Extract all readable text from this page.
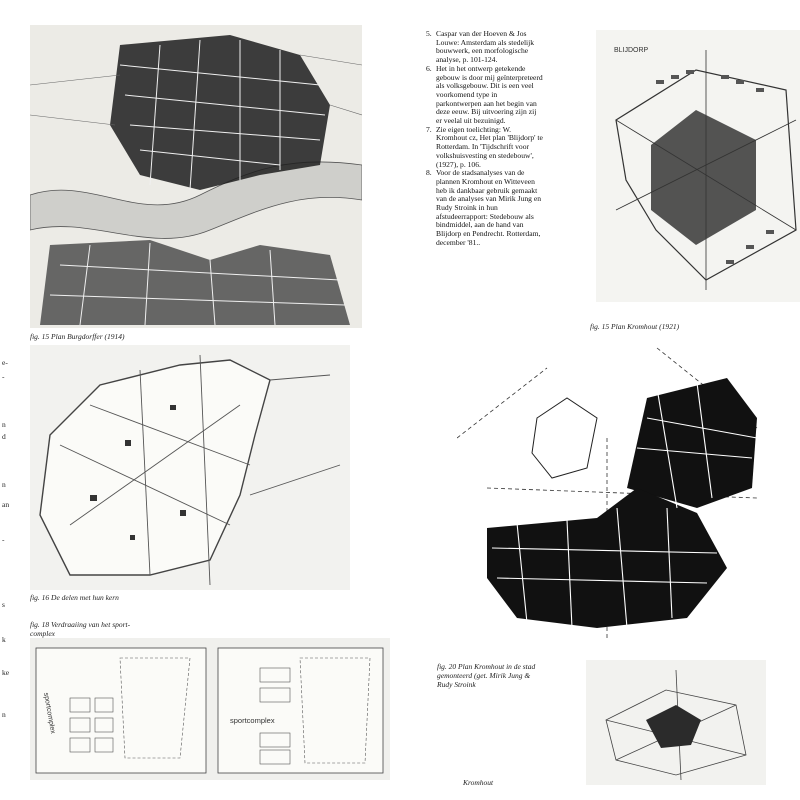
fig. 15 Plan Burgdorffer (1914)
5. Caspar van der Hoeven & Jos Louwe: Amsterdam als stedelijk bouwwerk, een morfologische analyse, p. 101-124.
6. Het in het ontwerp getekende gebouw is door mij geïnterpreteerd als volksgebouw. Dit is een veel voorkomend type in parkontwerpen aan het begin van deze eeuw. Bij uitvoering zijn zij er veelal uit bezuinigd.
7. Zie eigen toelichting: W. Kromhout cz, Het plan 'Blijdorp' te Rotterdam. In 'Tijdschrift voor volkshuisvesting en stedebouw', (1927), p. 106.
8. Voor de stadsanalyses van de plannen Kromhout en Witteveen heb ik dankbaar gebruik gemaakt van de analyses van Mirik Jung en Rudy Stroink in hun afstudeerrapport: Stedebouw als bindmiddel, aan de hand van Blijdorp en Pendrecht. Rotterdam, december '81..
BLIJDORP
fig. 15 Plan Kromhout (1921)
fig. 16 De delen met hun kern
fig. 18 Verdraaiing van het sport-
complex
sportcomplex	sportcomplex
fig. 20 Plan Kromhout in de stad
gemonteerd (get. Mirik Jung &
Rudy Stroink
Kromhout
e-
-
n
d
n
an
-
s
k
ke
n
